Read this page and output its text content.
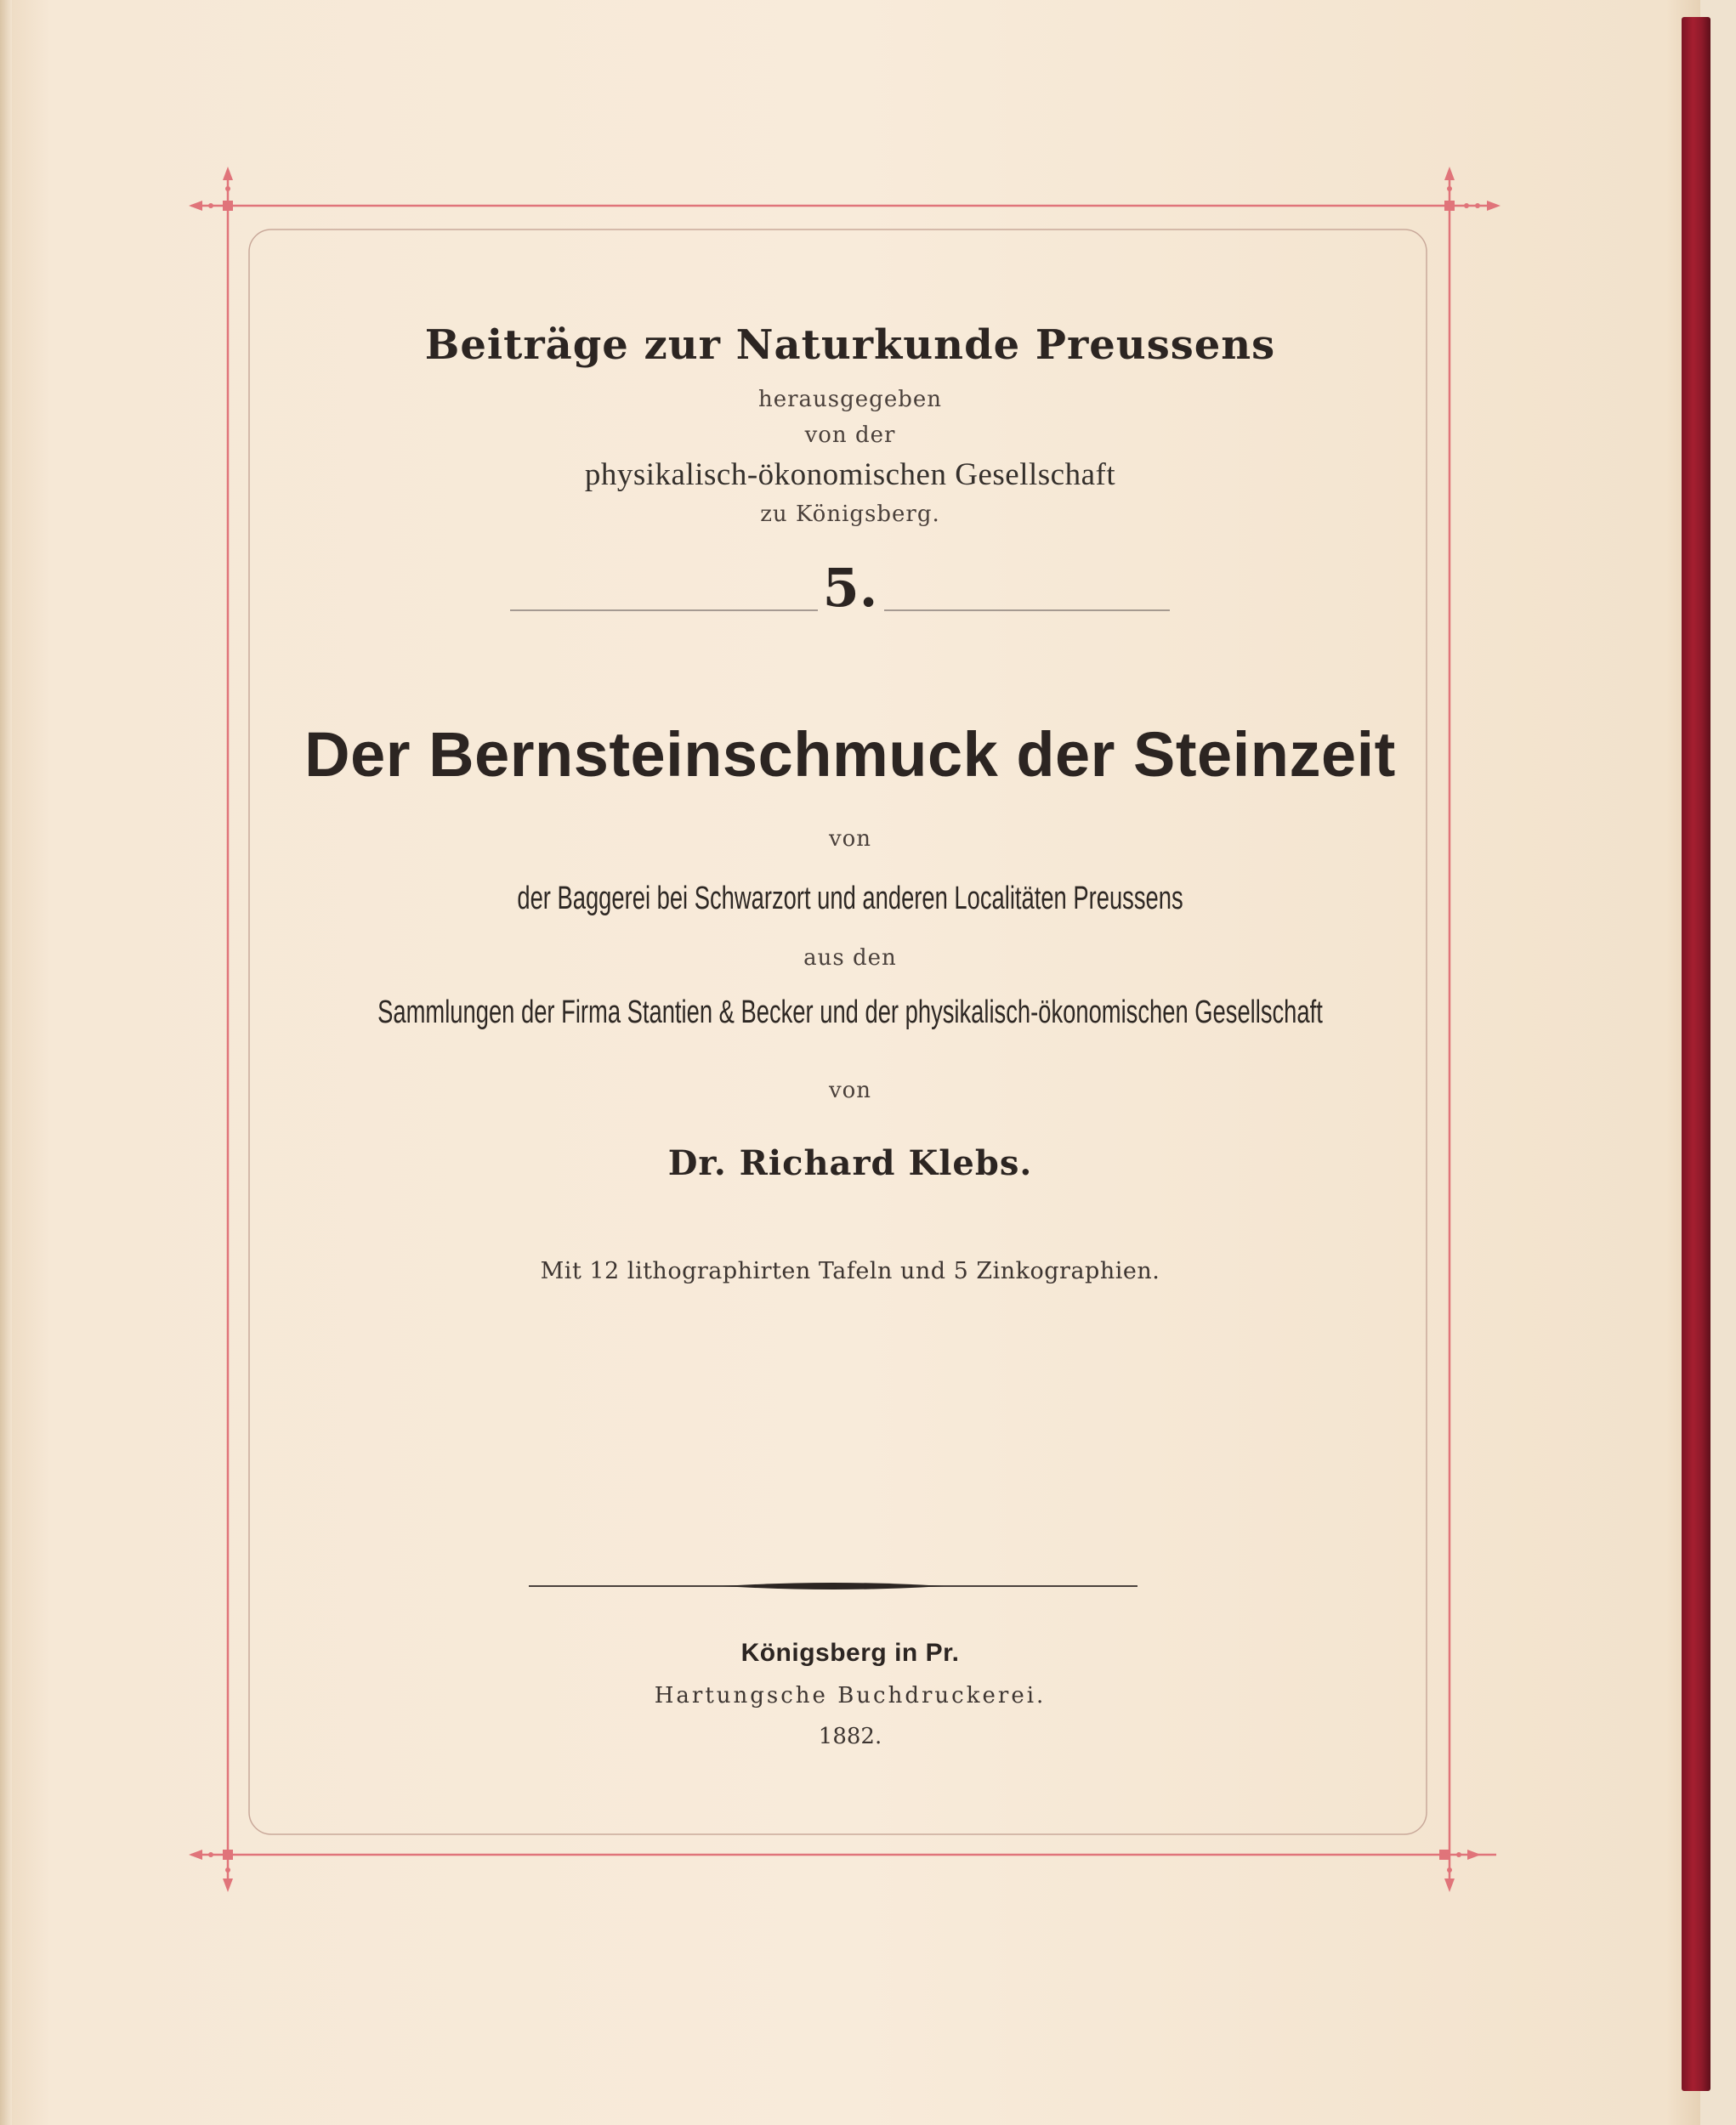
Beiträge zur Naturkunde Preussens
herausgegeben
von der
physikalisch-ökonomischen Gesellschaft
zu Königsberg.
5.
Der Bernsteinschmuck der Steinzeit
von
der Baggerei bei Schwarzort und anderen Localitäten Preussens
aus den
Sammlungen der Firma Stantien & Becker und der physikalisch-ökonomischen Gesellschaft
von
Dr. Richard Klebs.
Mit 12 lithographirten Tafeln und 5 Zinkographien.
Königsberg in Pr.
Hartungsche Buchdruckerei.
1882.
